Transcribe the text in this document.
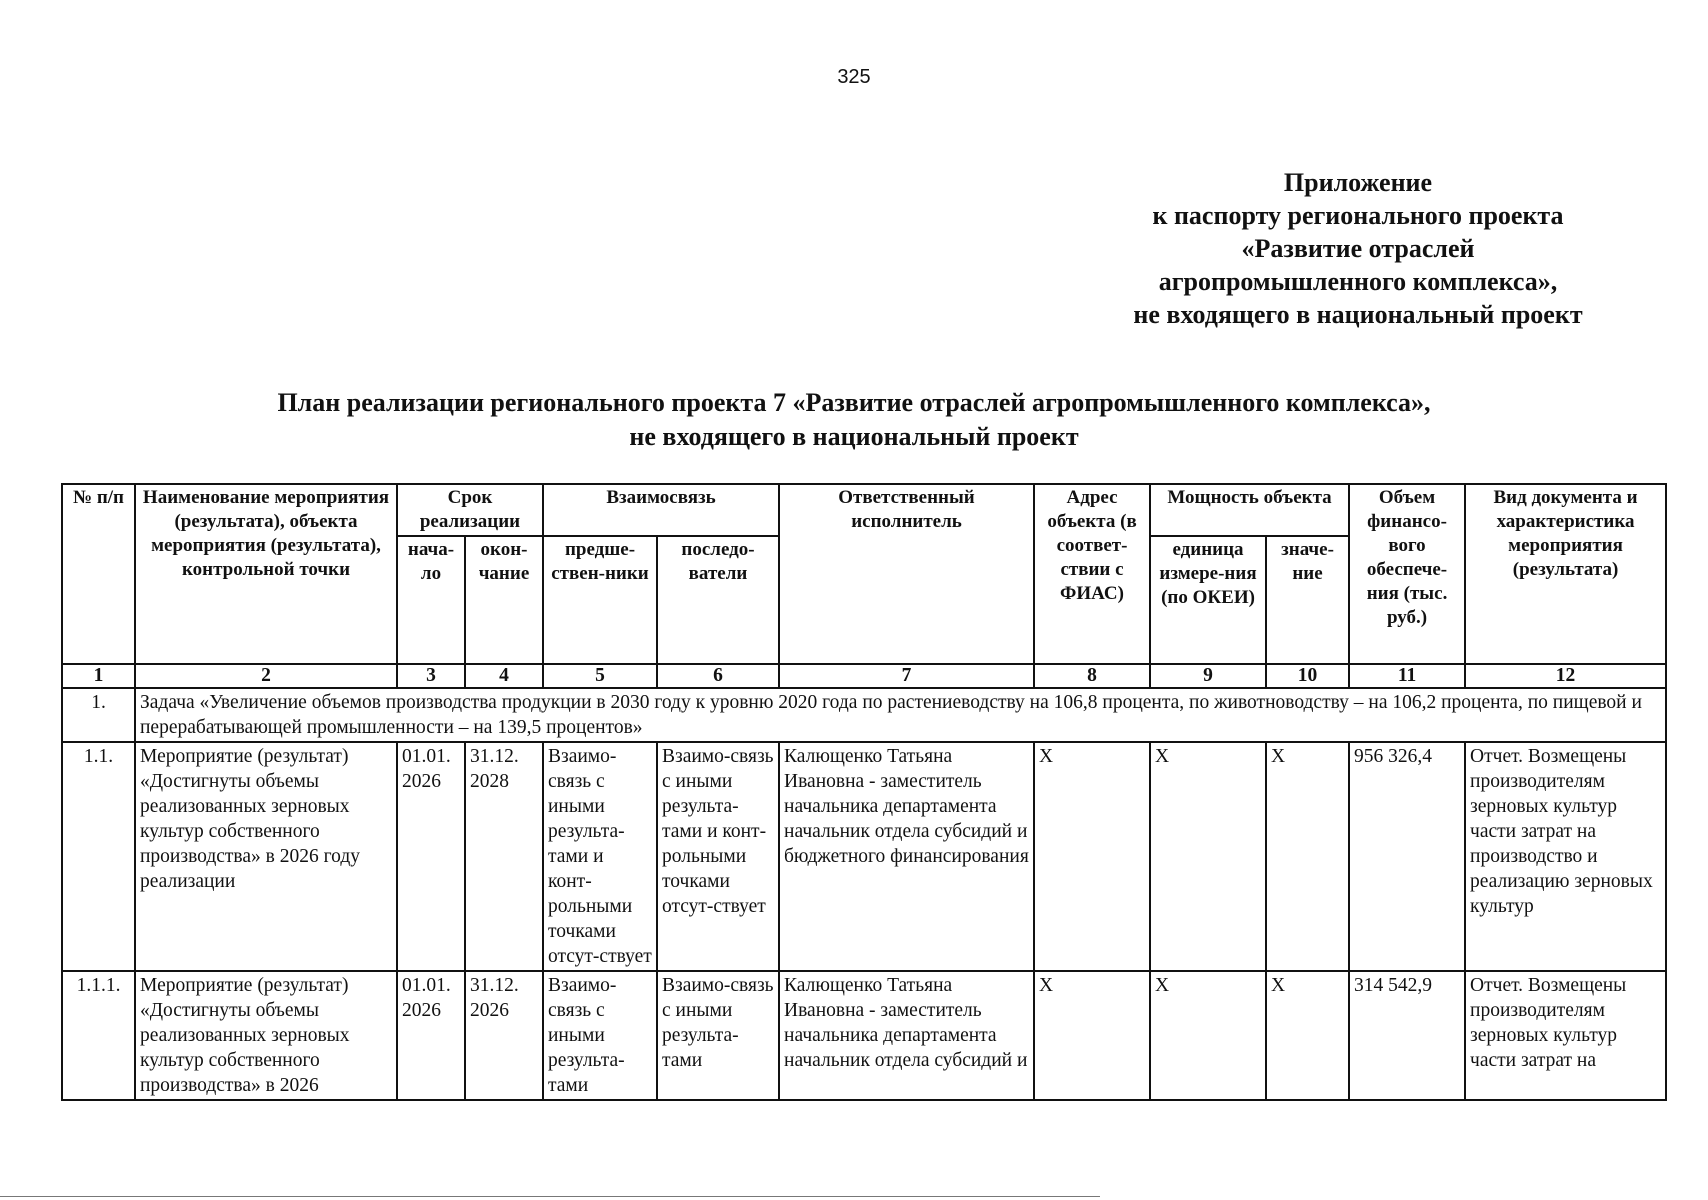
325
Приложение
к паспорту регионального проекта
«Развитие отраслей
агропромышленного комплекса»,
не входящего в национальный проект
План реализации регионального проекта 7 «Развитие отраслей агропромышленного комплекса»,
не входящего в национальный проект
№ п/п	Наименование мероприятия (результата), объекта мероприятия (результата), контрольной точки	Срок реализации		Взаимосвязь		Ответственный исполнитель	Адрес объекта (в соответ-ствии с ФИАС)	Мощность объекта		Объем финансо-вого обеспече-ния (тыс. руб.)	Вид документа и характеристика мероприятия (результата)
		нача-ло	окон-чание	предше-ствен-ники	последо-ватели			единица измере-ния (по ОКЕИ)	значе-ние		
1	2	3	4	5	6	7	8	9	10	11	12
1.	Задача «Увеличение объемов производства продукции в 2030 году к уровню 2020 года по растениеводству на 106,8 процента, по животноводству – на 106,2 процента, по пищевой и перерабатывающей промышленности – на 139,5 процентов»										
1.1.	Мероприятие (результат) «Достигнуты объемы реализованных зерновых культур собственного производства» в 2026 году реализации	01.01. 2026	31.12. 2028	Взаимо-связь с иными результа-тами и конт-рольными точками отсут-ствует	Взаимо-связь с иными результа-тами и конт-рольными точками отсут-ствует	Калющенко Татьяна Ивановна - заместитель начальника департамента начальник отдела субсидий и бюджетного финансирования	Х	Х	Х	956 326,4	Отчет. Возмещены производителям зерновых культур части затрат на производство и реализацию зерновых культур
1.1.1.	Мероприятие (результат) «Достигнуты объемы реализованных зерновых культур собственного производства» в 2026	01.01. 2026	31.12. 2026	Взаимо-связь с иными результа-тами	Взаимо-связь с иными результа-тами	Калющенко Татьяна Ивановна - заместитель начальника департамента начальник отдела субсидий и	Х	Х	Х	314 542,9	Отчет. Возмещены производителям зерновых культур части затрат на
